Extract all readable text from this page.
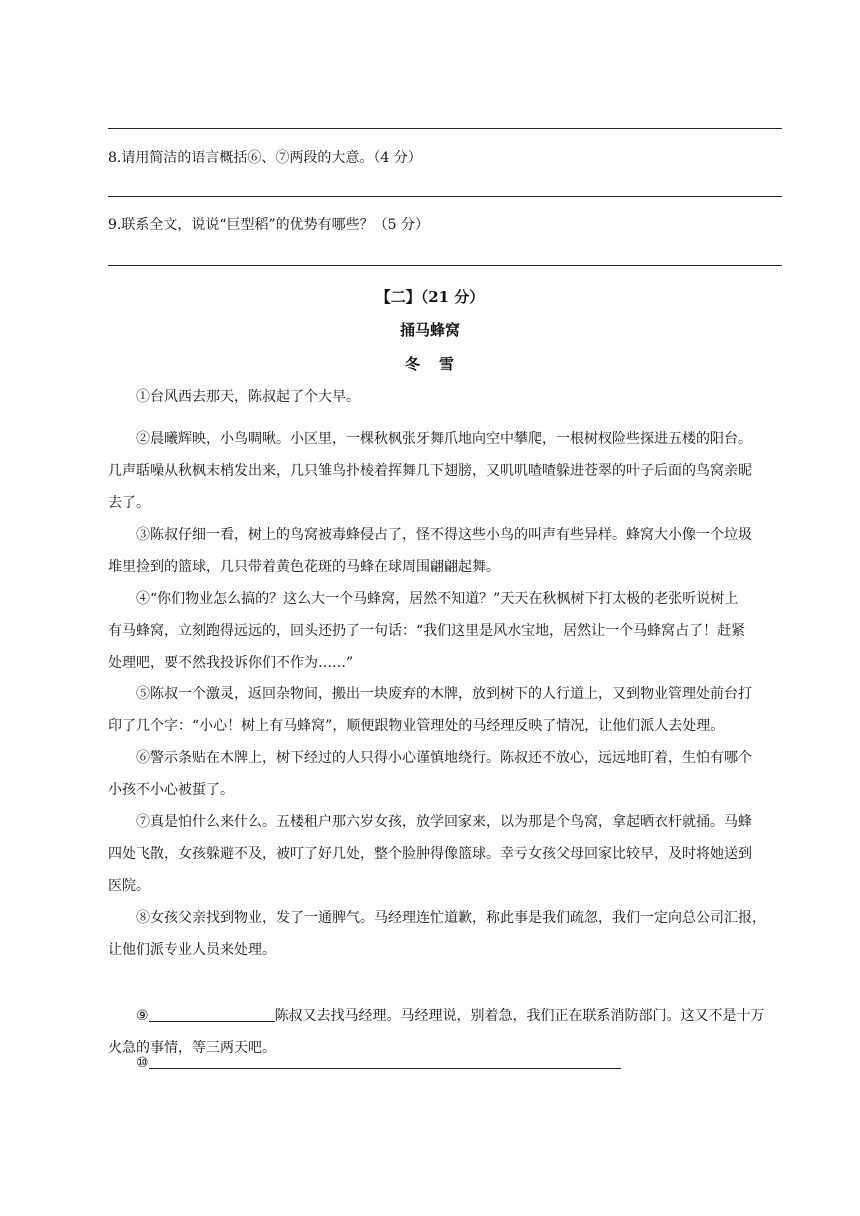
8.请用简洁的语言概括⑥、⑦两段的大意。（4 分）
9.联系全文，说说“巨型稻”的优势有哪些？（5 分）
【二】（21 分）
捅马蜂窝
冬 雪
①台风西去那天，陈叔起了个大早。
②晨曦辉映，小鸟啁啾。小区里，一棵秋枫张牙舞爪地向空中攀爬，一根树杈险些探进五楼的阳台。
几声聒噪从秋枫末梢发出来，几只雏鸟扑棱着挥舞几下翅膀，又叽叽喳喳躲进苍翠的叶子后面的鸟窝亲昵
去了。
③陈叔仔细一看，树上的鸟窝被毒蜂侵占了，怪不得这些小鸟的叫声有些异样。蜂窝大小像一个垃圾
堆里捡到的篮球，几只带着黄色花斑的马蜂在球周围翩翩起舞。
④“你们物业怎么搞的？这么大一个马蜂窝，居然不知道？”天天在秋枫树下打太极的老张听说树上
有马蜂窝，立刻跑得远远的，回头还扔了一句话：“我们这里是风水宝地，居然让一个马蜂窝占了！赶紧
处理吧，要不然我投诉你们不作为……”
⑤陈叔一个激灵，返回杂物间，搬出一块废弃的木牌，放到树下的人行道上，又到物业管理处前台打
印了几个字：“小心！树上有马蜂窝”，顺便跟物业管理处的马经理反映了情况，让他们派人去处理。
⑥警示条贴在木牌上，树下经过的人只得小心谨慎地绕行。陈叔还不放心，远远地盯着，生怕有哪个
小孩不小心被蜇了。
⑦真是怕什么来什么。五楼租户那六岁女孩，放学回家来，以为那是个鸟窝，拿起晒衣杆就捅。马蜂
四处飞散，女孩躲避不及，被叮了好几处，整个脸肿得像篮球。幸亏女孩父母回家比较早，及时将她送到
医院。
⑧女孩父亲找到物业，发了一通脾气。马经理连忙道歉，称此事是我们疏忽，我们一定向总公司汇报，
让他们派专业人员来处理。
⑨	陈叔又去找马经理。马经理说，别着急，我们正在联系消防部门。这又不是十万
火急的事情，等三两天吧。
⑩
